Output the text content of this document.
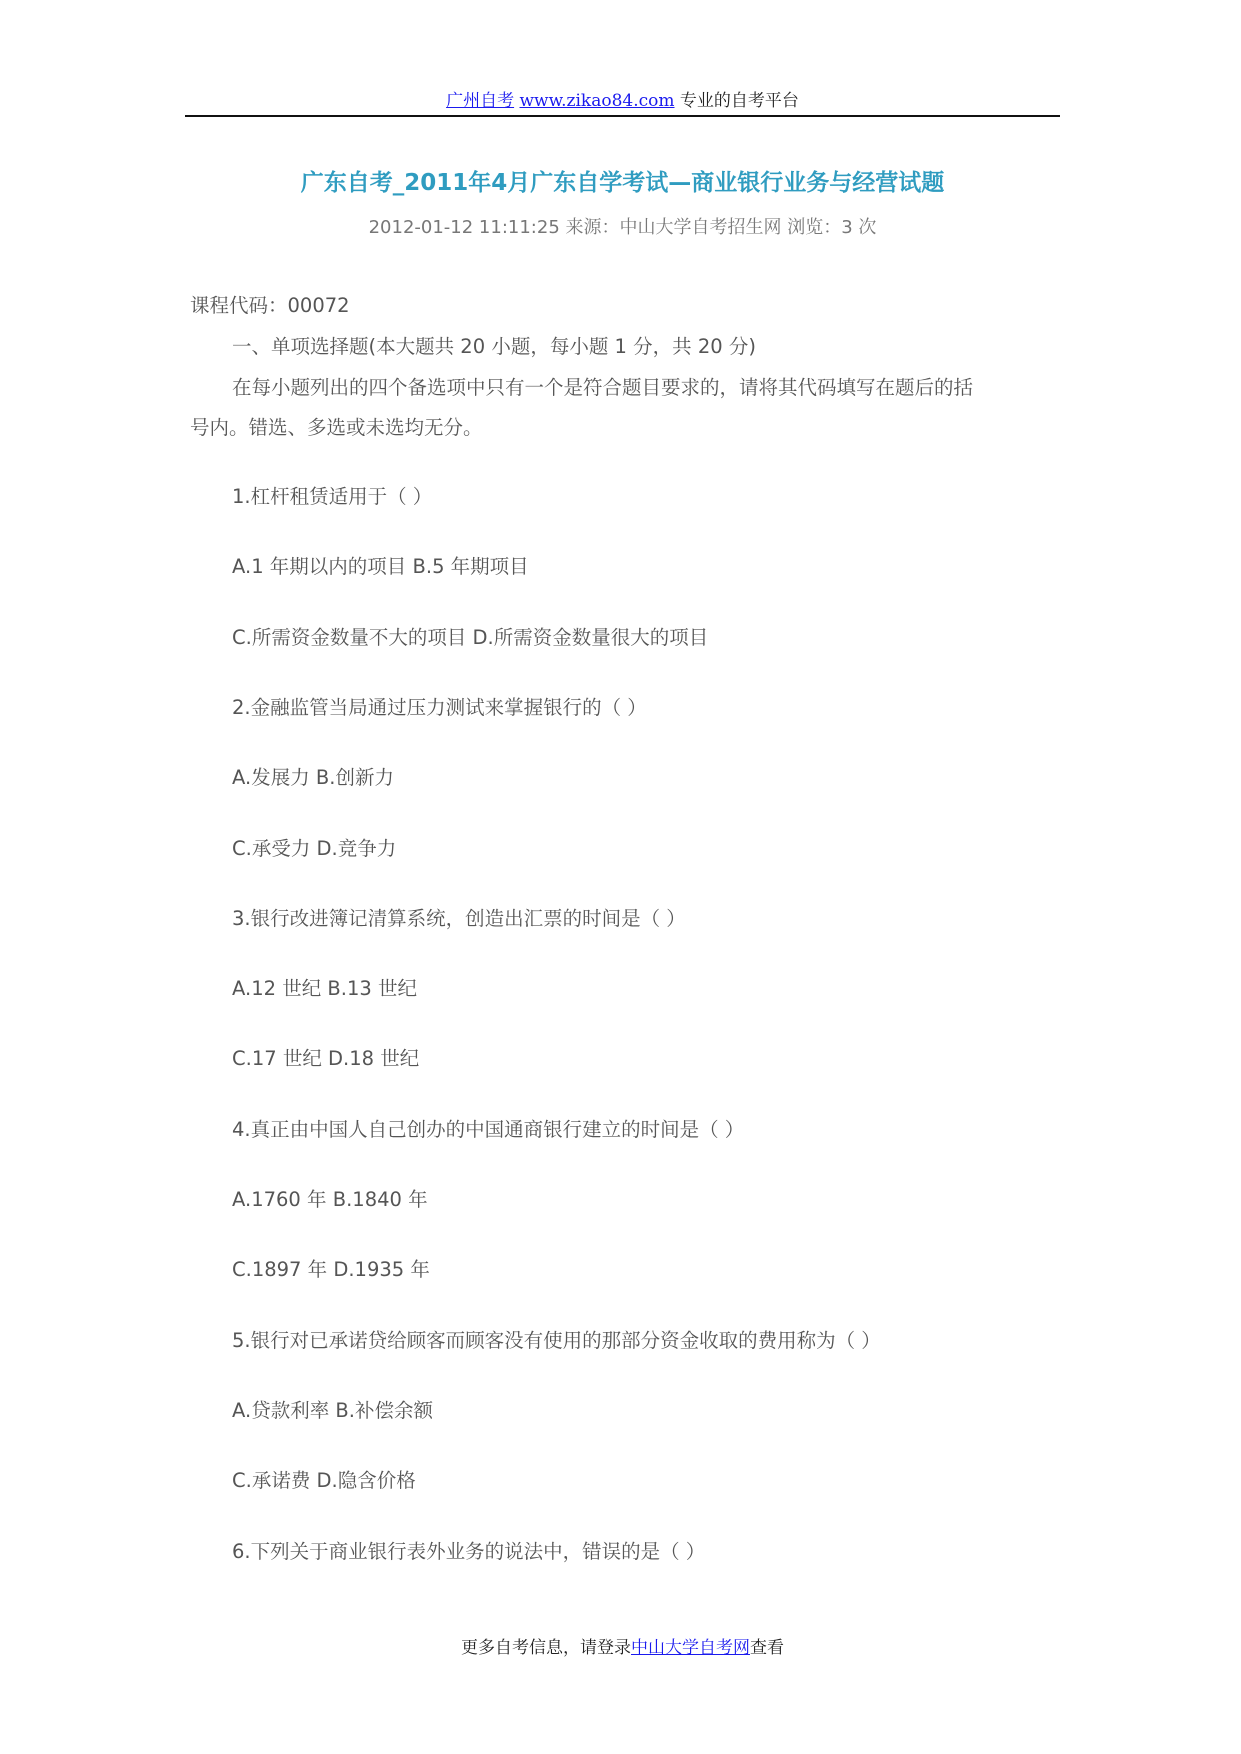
广州自考 www.zikao84.com 专业的自考平台
广东自考_2011年4月广东自学考试—商业银行业务与经营试题
2012-01-12 11:11:25 来源：中山大学自考招生网 浏览：3 次
课程代码：00072
一、单项选择题(本大题共 20 小题，每小题 1 分，共 20 分)
在每小题列出的四个备选项中只有一个是符合题目要求的，请将其代码填写在题后的括
号内。错选、多选或未选均无分。
1.杠杆租赁适用于（ ）
A.1 年期以内的项目 B.5 年期项目
C.所需资金数量不大的项目 D.所需资金数量很大的项目
2.金融监管当局通过压力测试来掌握银行的（ ）
A.发展力 B.创新力
C.承受力 D.竞争力
3.银行改进簿记清算系统，创造出汇票的时间是（ ）
A.12 世纪 B.13 世纪
C.17 世纪 D.18 世纪
4.真正由中国人自己创办的中国通商银行建立的时间是（ ）
A.1760 年 B.1840 年
C.1897 年 D.1935 年
5.银行对已承诺贷给顾客而顾客没有使用的那部分资金收取的费用称为（ ）
A.贷款利率 B.补偿余额
C.承诺费 D.隐含价格
6.下列关于商业银行表外业务的说法中，错误的是（ ）
更多自考信息，请登录中山大学自考网查看
